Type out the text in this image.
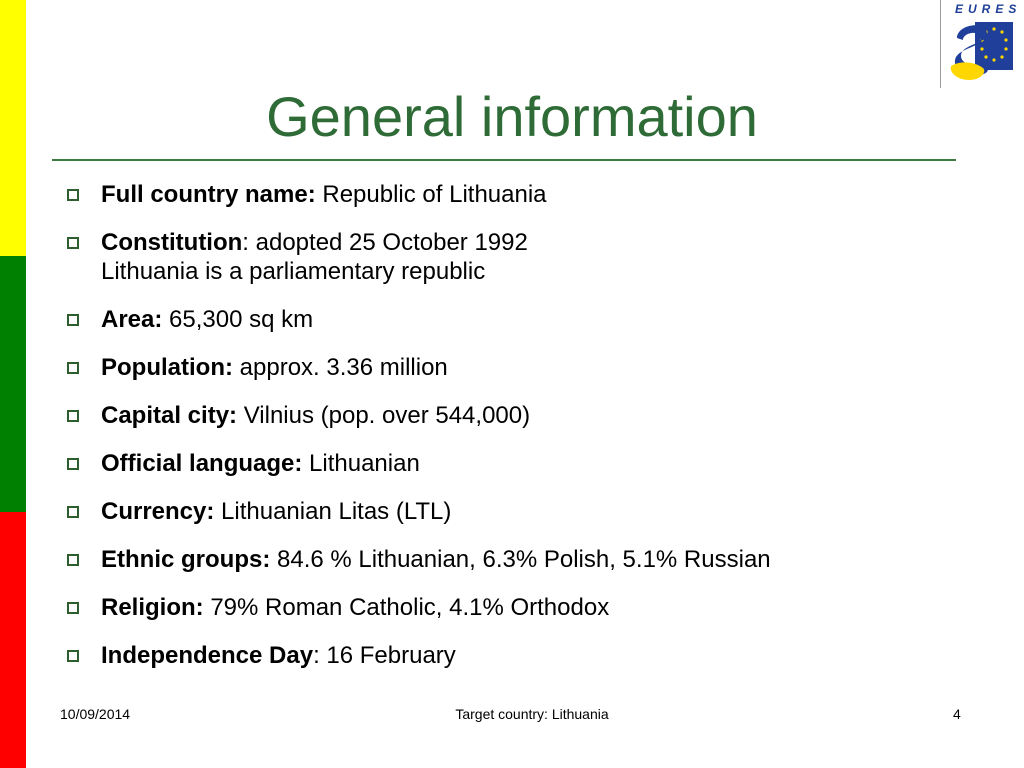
EURES
General information
Full country name: Republic of Lithuania
Constitution: adopted 25 October 1992
Lithuania is a parliamentary republic
Area: 65,300 sq km
Population: approx. 3.36 million
Capital city: Vilnius (pop. over 544,000)
Official language: Lithuanian
Currency: Lithuanian Litas (LTL)
Ethnic groups: 84.6 % Lithuanian, 6.3% Polish, 5.1% Russian
Religion: 79% Roman Catholic, 4.1% Orthodox
Independence Day: 16 February
10/09/2014	Target country: Lithuania	4
